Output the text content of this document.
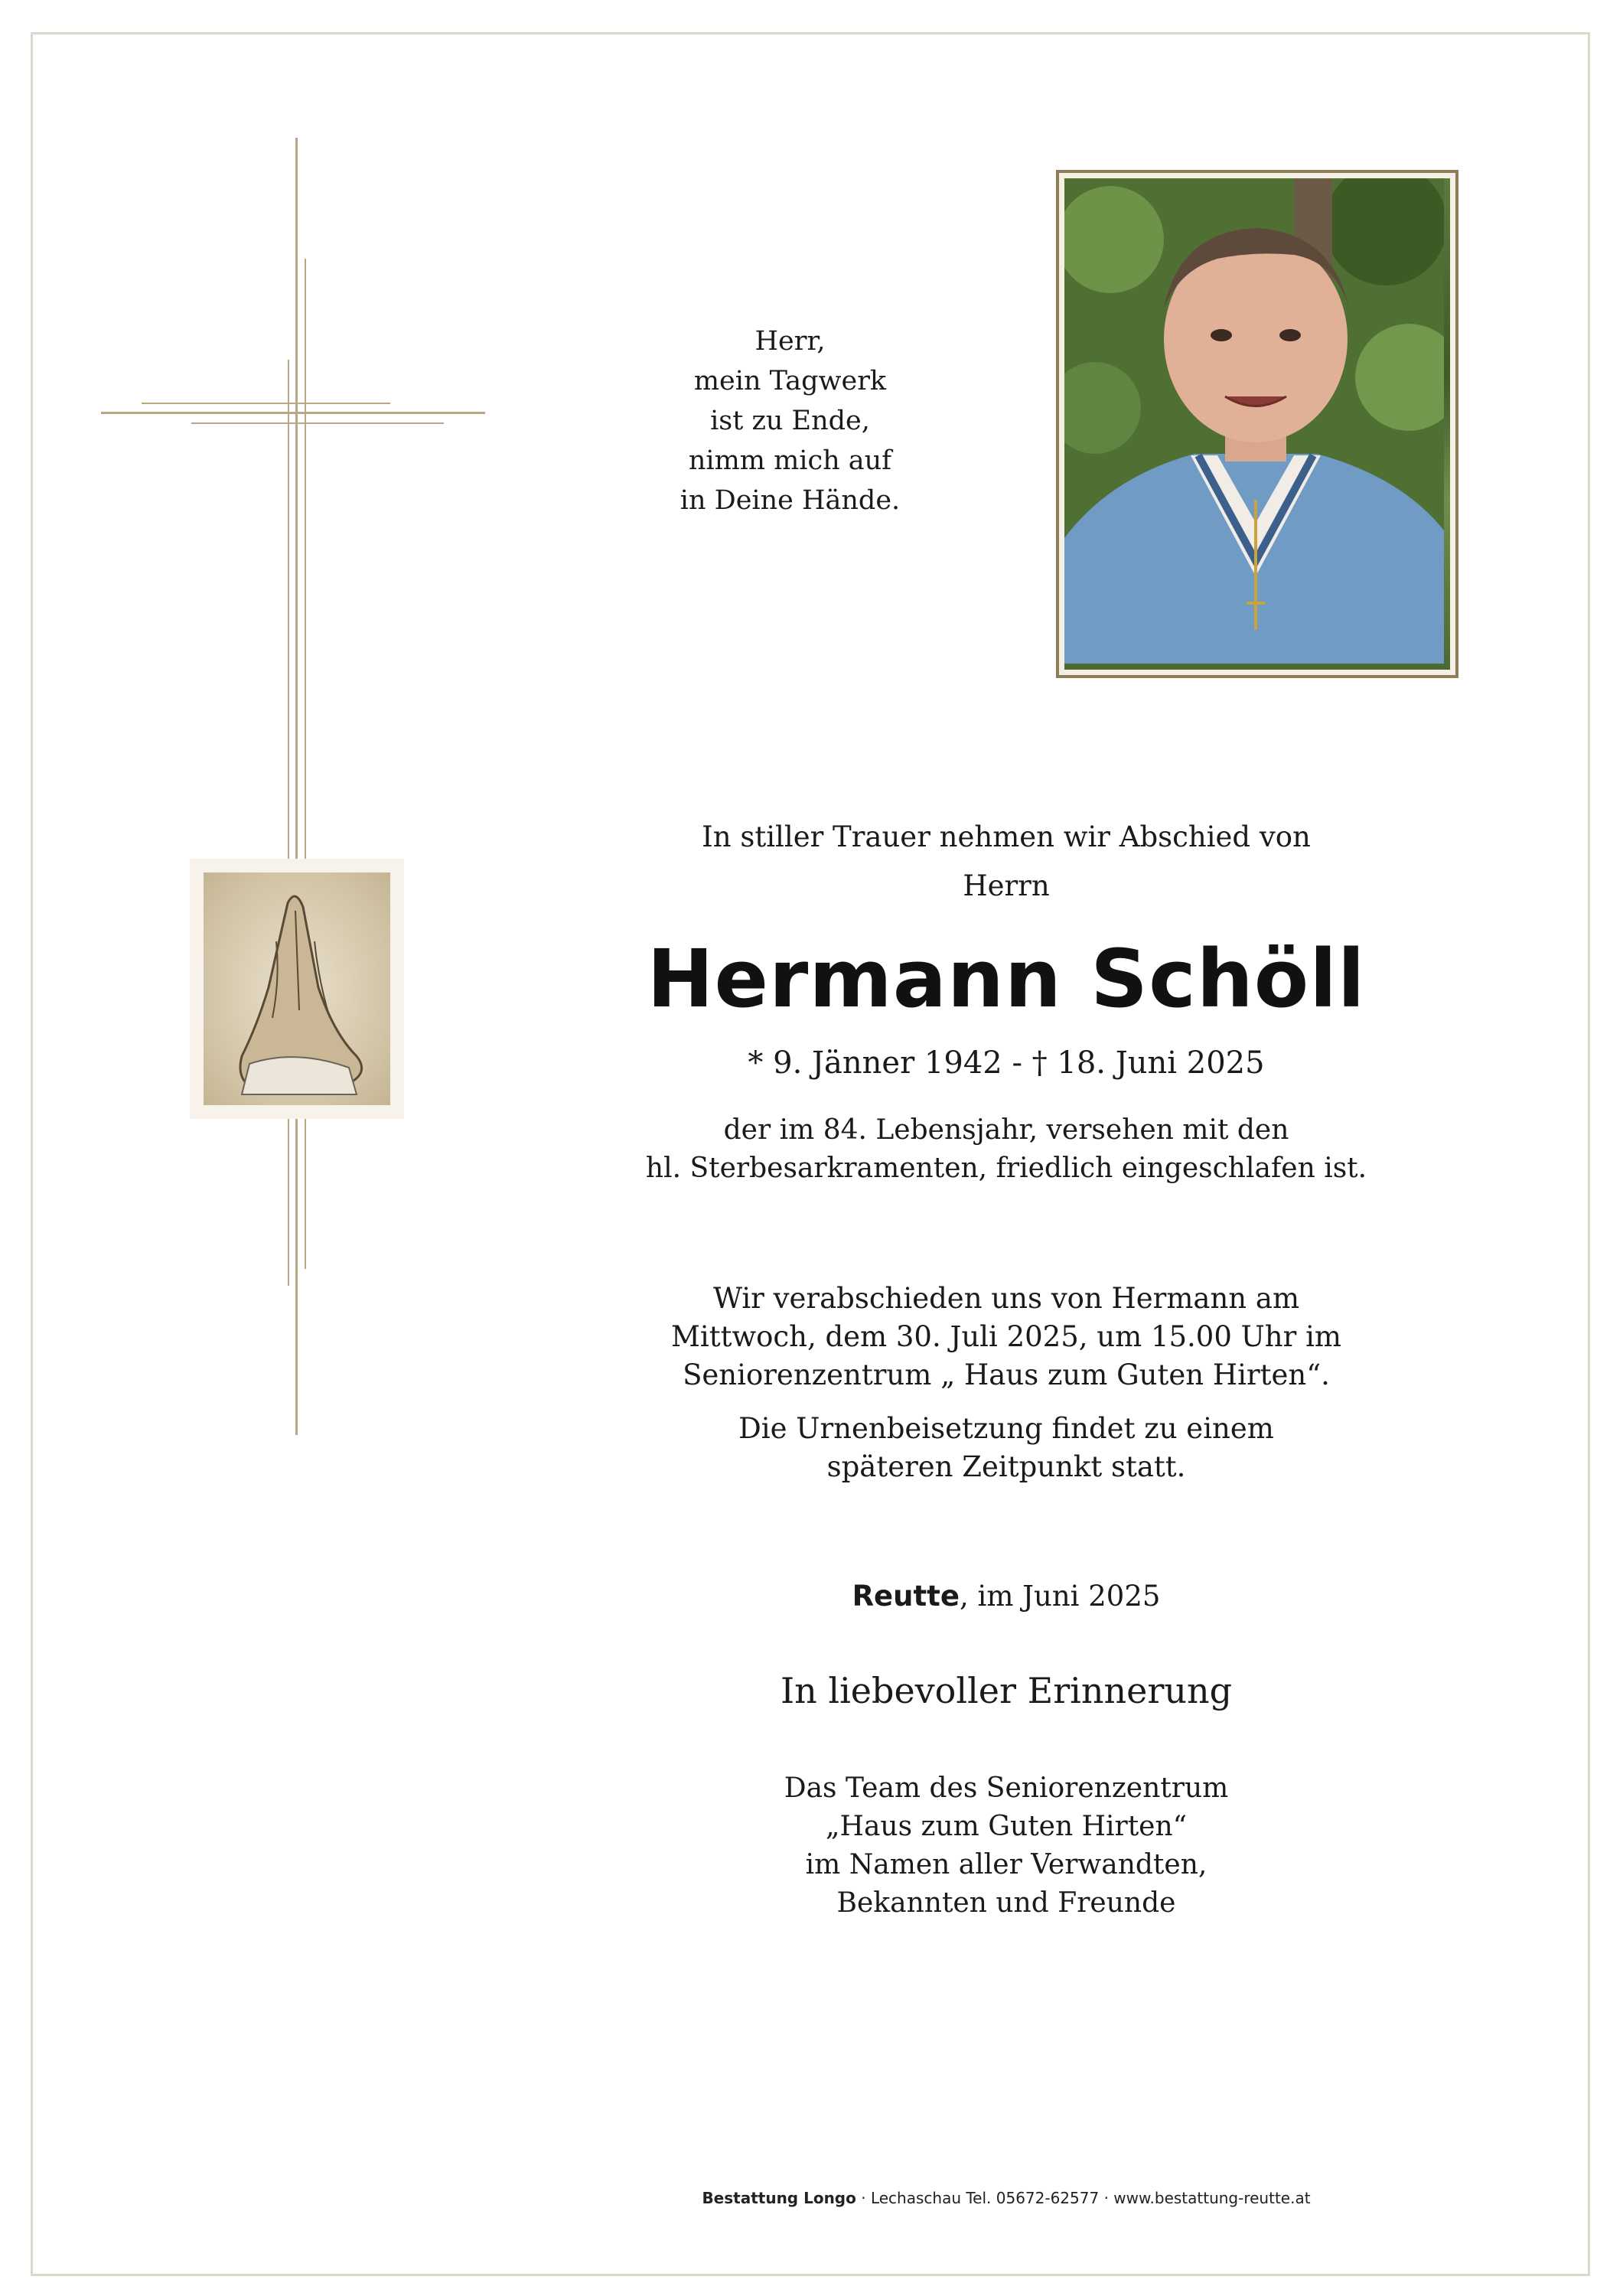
Herr,
mein Tagwerk
ist zu Ende,
nimm mich auf
in Deine Hände.
In stiller Trauer nehmen wir Abschied von
Herrn
Hermann Schöll
* 9. Jänner 1942 - † 18. Juni 2025
der im 84. Lebensjahr, versehen mit den
hl. Sterbesarkramenten, friedlich eingeschlafen ist.
Wir verabschieden uns von Hermann am
Mittwoch, dem 30. Juli 2025, um 15.00 Uhr im
Seniorenzentrum „ Haus zum Guten Hirten“.
Die Urnenbeisetzung findet zu einem
späteren Zeitpunkt statt.
Reutte, im Juni 2025
In liebevoller Erinnerung
Das Team des Seniorenzentrum
„Haus zum Guten Hirten“
im Namen aller Verwandten,
Bekannten und Freunde
Bestattung Longo · Lechaschau Tel. 05672-62577 · www.bestattung-reutte.at
